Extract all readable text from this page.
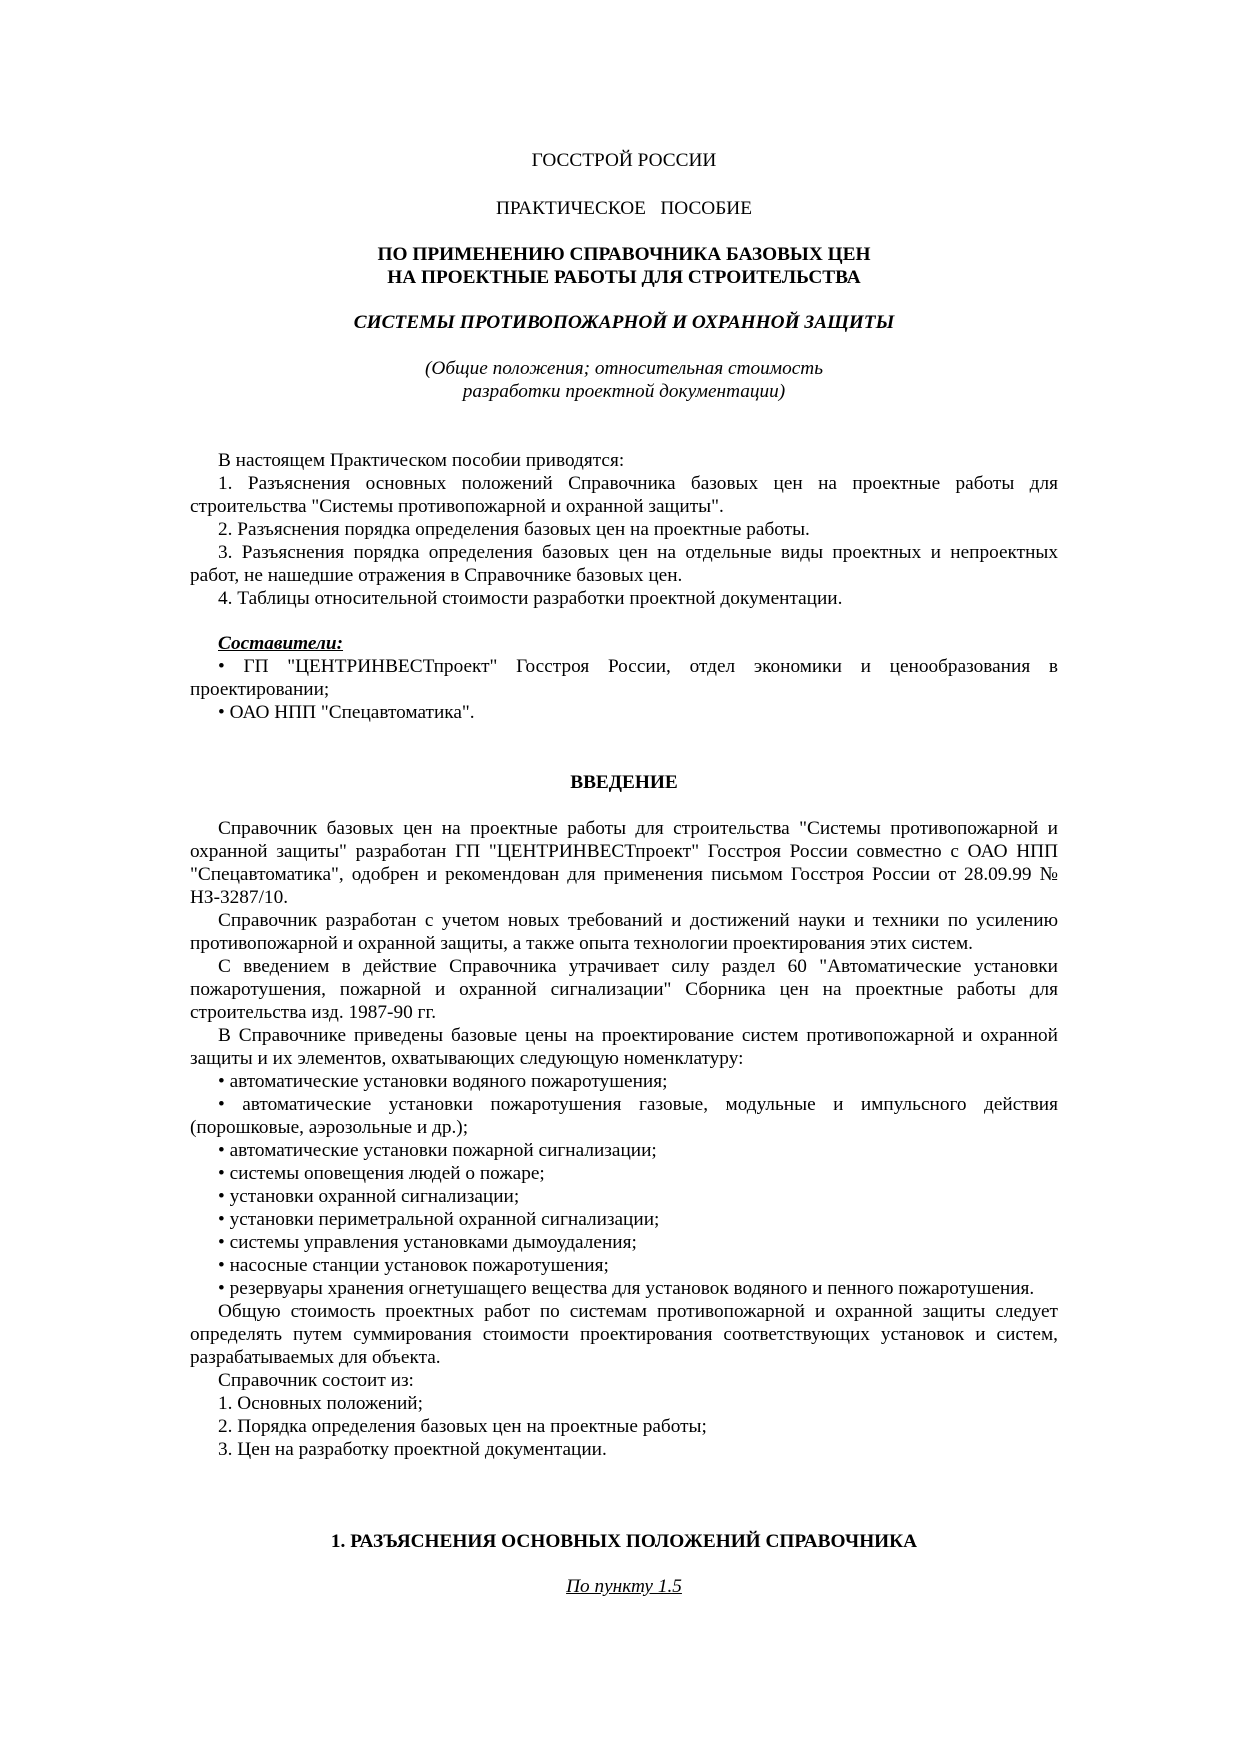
ГОССТРОЙ РОССИИ
ПРАКТИЧЕСКОЕ   ПОСОБИЕ
ПО ПРИМЕНЕНИЮ СПРАВОЧНИКА БАЗОВЫХ ЦЕН
НА ПРОЕКТНЫЕ РАБОТЫ ДЛЯ СТРОИТЕЛЬСТВА
СИСТЕМЫ ПРОТИВОПОЖАРНОЙ И ОХРАННОЙ ЗАЩИТЫ
(Общие положения; относительная стоимость
разработки проектной документации)

В настоящем Практическом пособии приводятся:

1. Разъяснения основных положений Справочника базовых цен на проектные работы для строительства "Системы противопожарной и охранной защиты".

2. Разъяснения порядка определения базовых цен на проектные работы.

3. Разъяснения порядка определения базовых цен на отдельные виды проектных и непроектных работ, не нашедшие отражения в Справочнике базовых цен.

4. Таблицы относительной стоимости разработки проектной документации.

Составители:

• ГП "ЦЕНТРИНВЕСТпроект" Госстроя России, отдел экономики и ценообразования в проектировании;

• ОАО НПП "Спецавтоматика".

ВВЕДЕНИЕ

Справочник базовых цен на проектные работы для строительства "Системы противопожарной и охранной защиты" разработан ГП "ЦЕНТРИНВЕСТпроект" Госстроя России совместно с ОАО НПП "Спецавтоматика", одобрен и рекомендован для применения письмом Госстроя России от 28.09.99 № НЗ-3287/10.

Справочник разработан с учетом новых требований и достижений науки и техники по усилению противопожарной и охранной защиты, а также опыта технологии проектирования этих систем.

С введением в действие Справочника утрачивает силу раздел 60 "Автоматические установки пожаротушения, пожарной и охранной сигнализации" Сборника цен на проектные работы для строительства изд. 1987-90 гг.

В Справочнике приведены базовые цены на проектирование систем противопожарной и охранной защиты и их элементов, охватывающих следующую номенклатуру:

• автоматические установки водяного пожаротушения;

• автоматические установки пожаротушения газовые, модульные и импульсного действия (порошковые, аэрозольные и др.);

• автоматические установки пожарной сигнализации;

• системы оповещения людей о пожаре;

• установки охранной сигнализации;

• установки периметральной охранной сигнализации;

• системы управления установками дымоудаления;

• насосные станции установок пожаротушения;

• резервуары хранения огнетушащего вещества для установок водяного и пенного пожаротушения.

Общую стоимость проектных работ по системам противопожарной и охранной защиты следует определять путем суммирования стоимости проектирования соответствующих установок и систем, разрабатываемых для объекта.

Справочник состоит из:

1. Основных положений;

2. Порядка определения базовых цен на проектные работы;

3. Цен на разработку проектной документации.

1. РАЗЪЯСНЕНИЯ ОСНОВНЫХ ПОЛОЖЕНИЙ СПРАВОЧНИКА
По пункту 1.5
